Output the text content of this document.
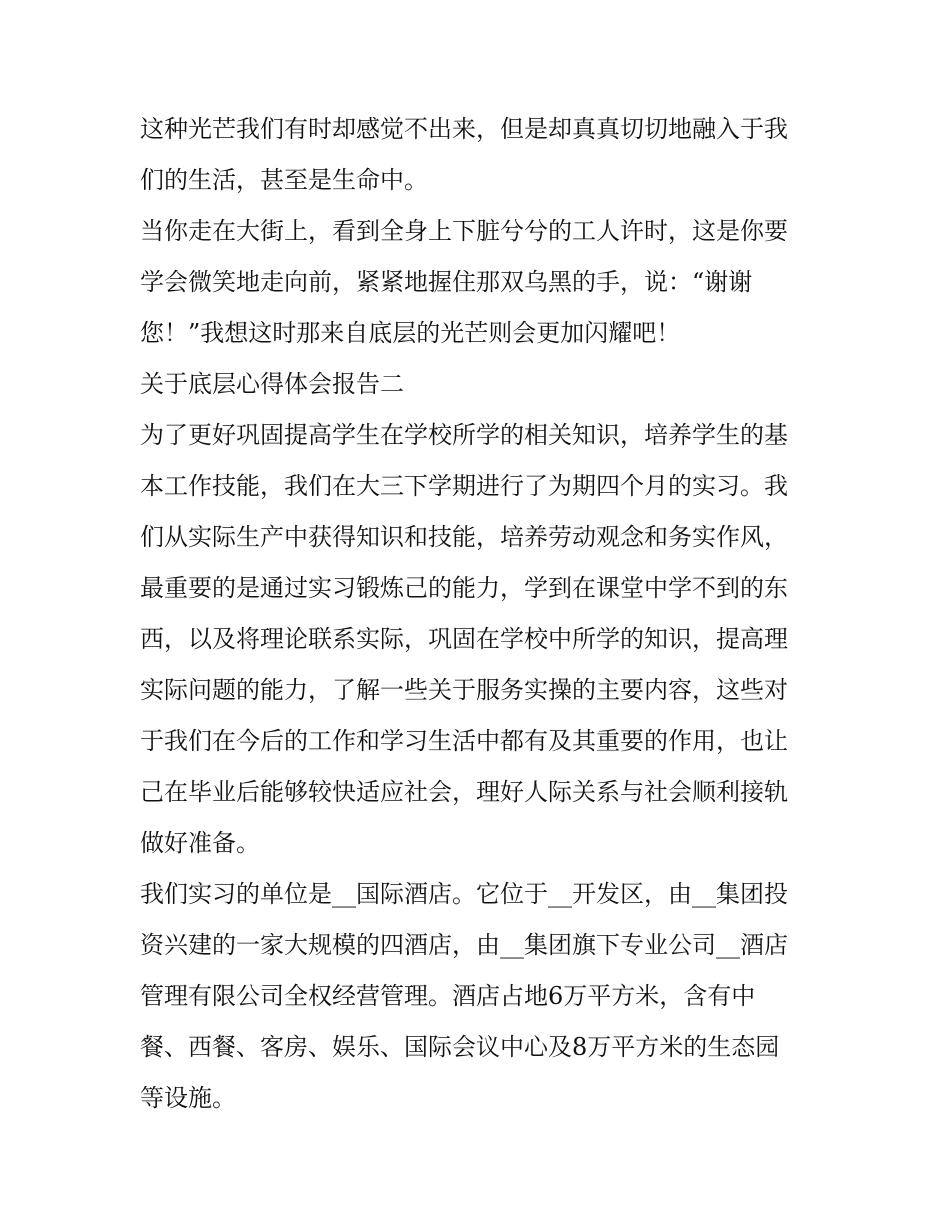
这种光芒我们有时却感觉不出来，但是却真真切切地融入于我
们的生活，甚至是生命中。
当你走在大街上，看到全身上下脏兮兮的工人许时，这是你要
学会微笑地走向前，紧紧地握住那双乌黑的手，说：“谢谢
您！”我想这时那来自底层的光芒则会更加闪耀吧！
关于底层心得体会报告二
为了更好巩固提高学生在学校所学的相关知识，培养学生的基
本工作技能，我们在大三下学期进行了为期四个月的实习。我
们从实际生产中获得知识和技能，培养劳动观念和务实作风，
最重要的是通过实习锻炼己的能力，学到在课堂中学不到的东
西，以及将理论联系实际，巩固在学校中所学的知识，提高理
实际问题的能力，了解一些关于服务实操的主要内容，这些对
于我们在今后的工作和学习生活中都有及其重要的作用，也让
己在毕业后能够较快适应社会，理好人际关系与社会顺利接轨
做好准备。
我们实习的单位是__国际酒店。它位于__开发区，由__集团投
资兴建的一家大规模的四酒店，由__集团旗下专业公司__酒店
管理有限公司全权经营管理。酒店占地6万平方米，含有中
餐、西餐、客房、娱乐、国际会议中心及8万平方米的生态园
等设施。
